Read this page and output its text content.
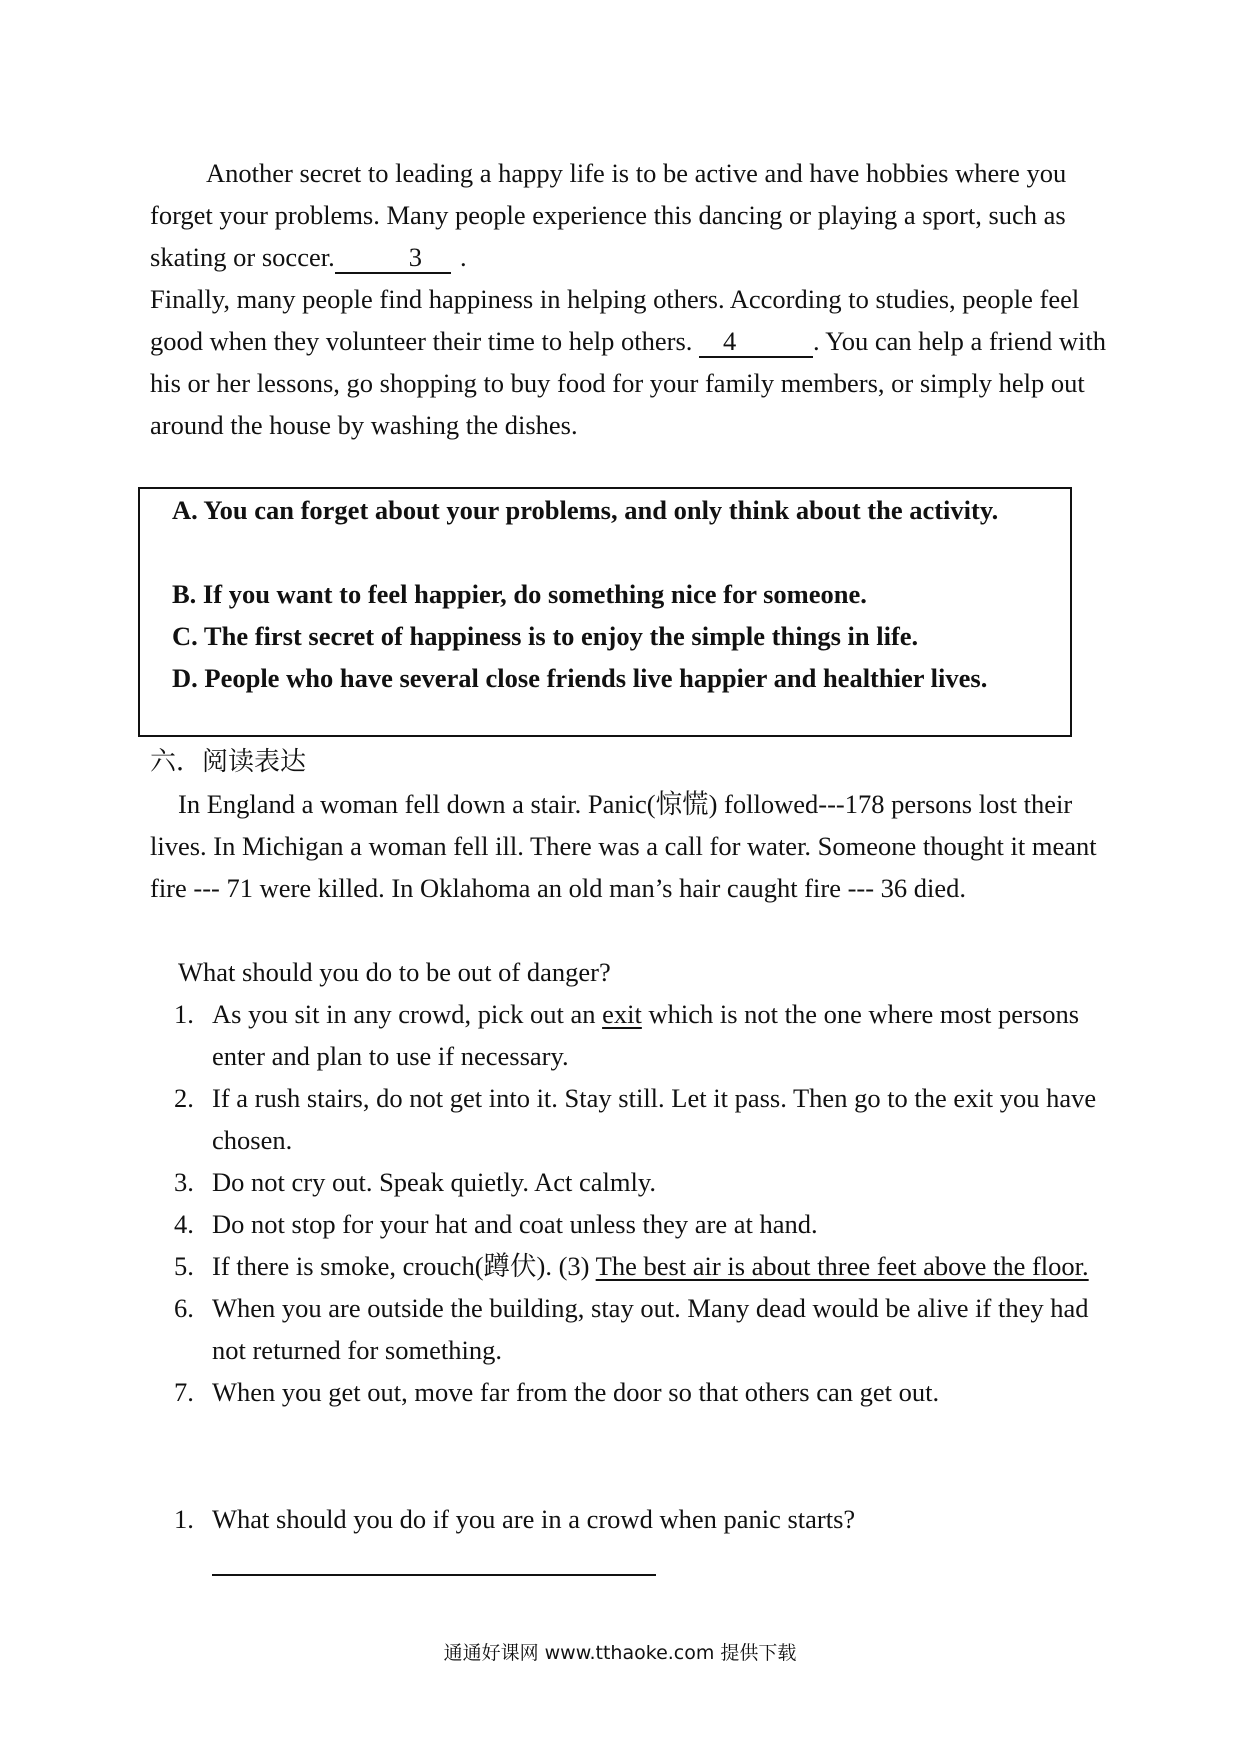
Another secret to leading a happy life is to be active and have hobbies where you forget your problems. Many people experience this dancing or playing a sport, such as skating or soccer.	3 .

Finally, many people find happiness in helping others. According to studies, people feel good when they volunteer their time to help others. 4	. You can help a friend with his or her lessons, go shopping to buy food for your family members, or simply help out around the house by washing the dishes.

A. You can forget about your problems, and only think about the activity.

B. If you want to feel happier, do something nice for someone.

C. The first secret of happiness is to enjoy the simple things in life.

D. People who have several close friends live happier and healthier lives.

六．阅读表达

In England a woman fell down a stair. Panic(惊慌) followed---178 persons lost their lives. In Michigan a woman fell ill. There was a call for water. Someone thought it meant fire --- 71 were killed. In Oklahoma an old man’s hair caught fire --- 36 died.

What should you do to be out of danger?

1. As you sit in any crowd, pick out an exit which is not the one where most persons enter and plan to use if necessary.
2. If a rush stairs, do not get into it. Stay still. Let it pass. Then go to the exit you have chosen.
3. Do not cry out. Speak quietly. Act calmly.
4. Do not stop for your hat and coat unless they are at hand.
5. If there is smoke, crouch(蹲伏). (3) The best air is about three feet above the floor.
6. When you are outside the building, stay out. Many dead would be alive if they had not returned for something.
7. When you get out, move far from the door so that others can get out.
1. What should you do if you are in a crowd when panic starts?
通通好课网 www.tthaoke.com 提供下载
